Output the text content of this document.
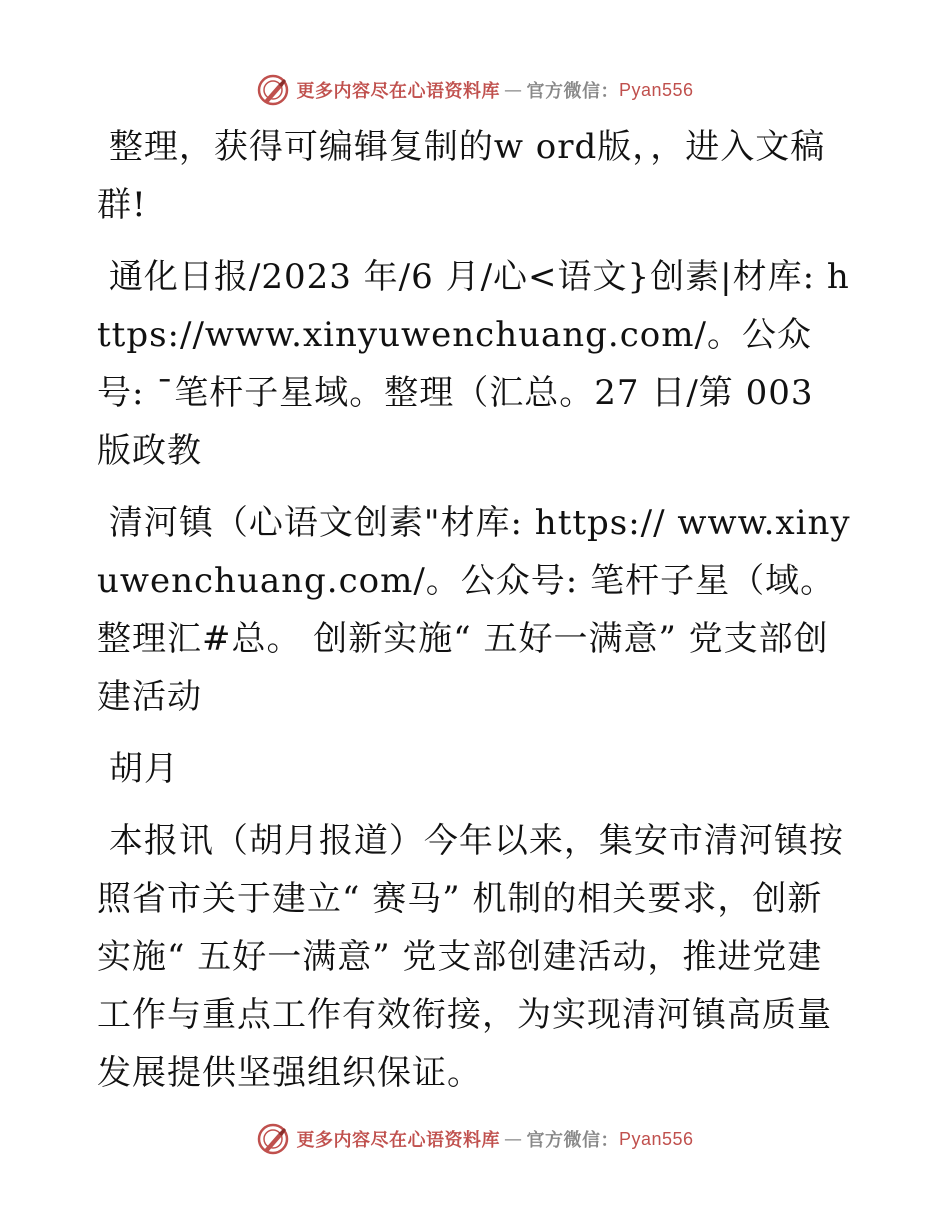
更多内容尽在心语资料库 — 官方微信： Pyan556

整理，获得可编辑复制的w ord版，，进入文稿群!

通化日报/2023 年/6 月/心<语文}创素|材库: https://www.xinyuwenchuang.com/。公众号: ¯笔杆子星域。整理（汇总。27 日/第 003 版政教

清河镇（心语文创素"材库: https:// www.xinyuwenchuang.com/。公众号: 笔杆子星（域。整理汇#总。 创新实施“ 五好一满意” 党支部创建活动

胡月

本报讯（胡月报道）今年以来，集安市清河镇按照省市关于建立“ 赛马” 机制的相关要求，创新实施“ 五好一满意” 党支部创建活动，推进党建工作与重点工作有效衔接，为实现清河镇高质量发展提供坚强组织保证。

更多内容尽在心语资料库 — 官方微信： Pyan556
